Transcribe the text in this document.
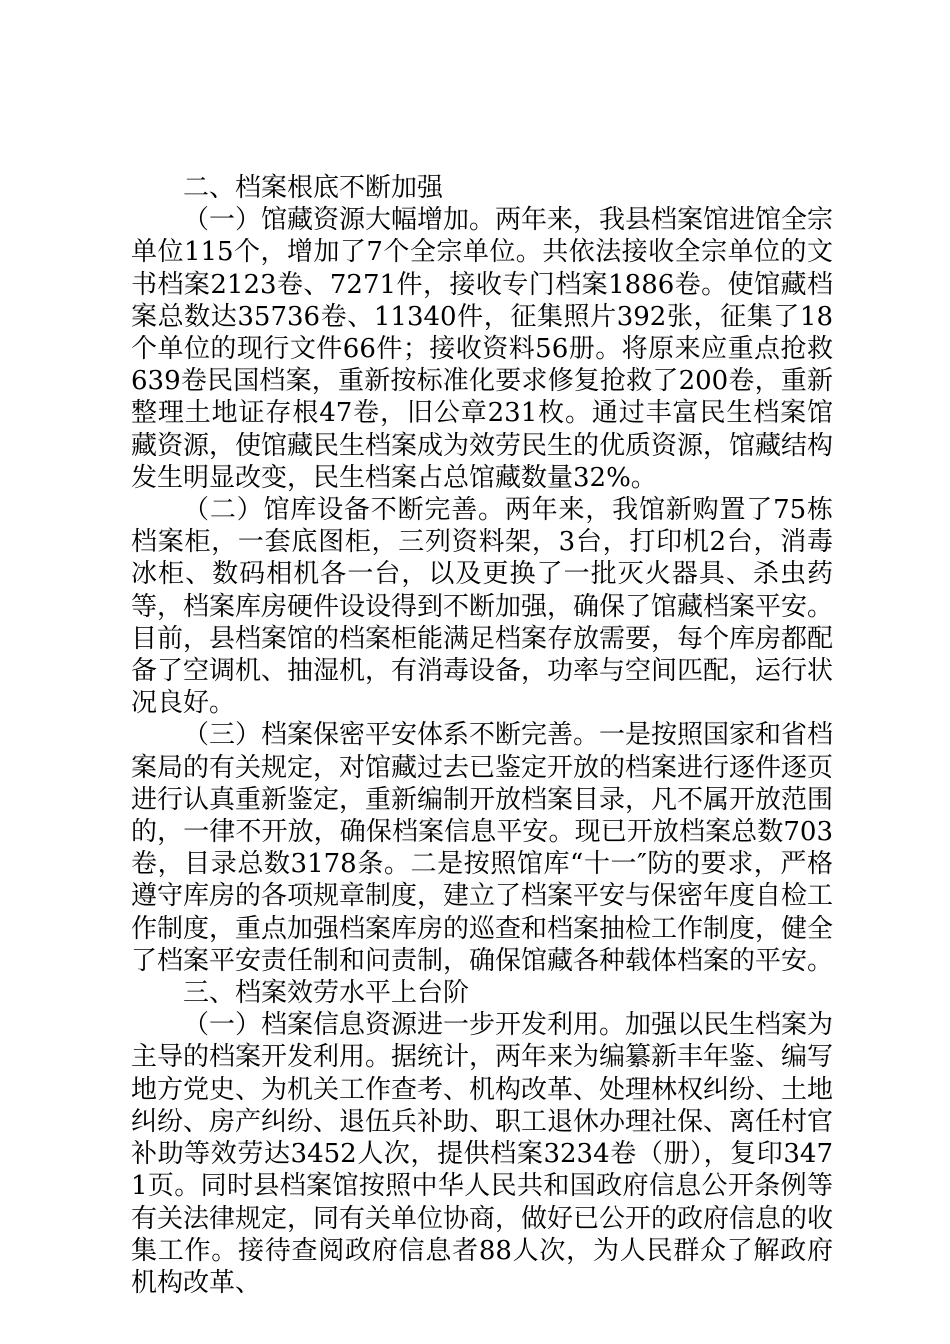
二、档案根底不断加强

（一）馆藏资源大幅增加。两年来，我县档案馆进馆全宗单位115个，增加了7个全宗单位。共依法接收全宗单位的文书档案2123卷、7271件，接收专门档案1886卷。使馆藏档案总数达35736卷、11340件，征集照片392张，征集了18个单位的现行文件66件；接收资料56册。将原来应重点抢救639卷民国档案，重新按标准化要求修复抢救了200卷，重新整理土地证存根47卷，旧公章231枚。通过丰富民生档案馆藏资源，使馆藏民生档案成为效劳民生的优质资源，馆藏结构发生明显改变，民生档案占总馆藏数量32%。

（二）馆库设备不断完善。两年来，我馆新购置了75栋档案柜，一套底图柜，三列资料架，3台，打印机2台，消毒冰柜、数码相机各一台，以及更换了一批灭火器具、杀虫药等，档案库房硬件设设得到不断加强，确保了馆藏档案平安。目前，县档案馆的档案柜能满足档案存放需要，每个库房都配备了空调机、抽湿机，有消毒设备，功率与空间匹配，运行状况良好。

（三）档案保密平安体系不断完善。一是按照国家和省档案局的有关规定，对馆藏过去已鉴定开放的档案进行逐件逐页进行认真重新鉴定，重新编制开放档案目录，凡不属开放范围的，一律不开放，确保档案信息平安。现已开放档案总数703卷，目录总数3178条。二是按照馆库“十一″防的要求，严格遵守库房的各项规章制度，建立了档案平安与保密年度自检工作制度，重点加强档案库房的巡查和档案抽检工作制度，健全了档案平安责任制和问责制，确保馆藏各种载体档案的平安。

三、档案效劳水平上台阶

（一）档案信息资源进一步开发利用。加强以民生档案为主导的档案开发利用。据统计，两年来为编纂新丰年鉴、编写地方党史、为机关工作查考、机构改革、处理林权纠纷、土地纠纷、房产纠纷、退伍兵补助、职工退休办理社保、离任村官补助等效劳达3452人次，提供档案3234卷（册），复印3471页。同时县档案馆按照中华人民共和国政府信息公开条例等有关法律规定，同有关单位协商，做好已公开的政府信息的收集工作。接待查阅政府信息者88人次，为人民群众了解政府机构改革、
